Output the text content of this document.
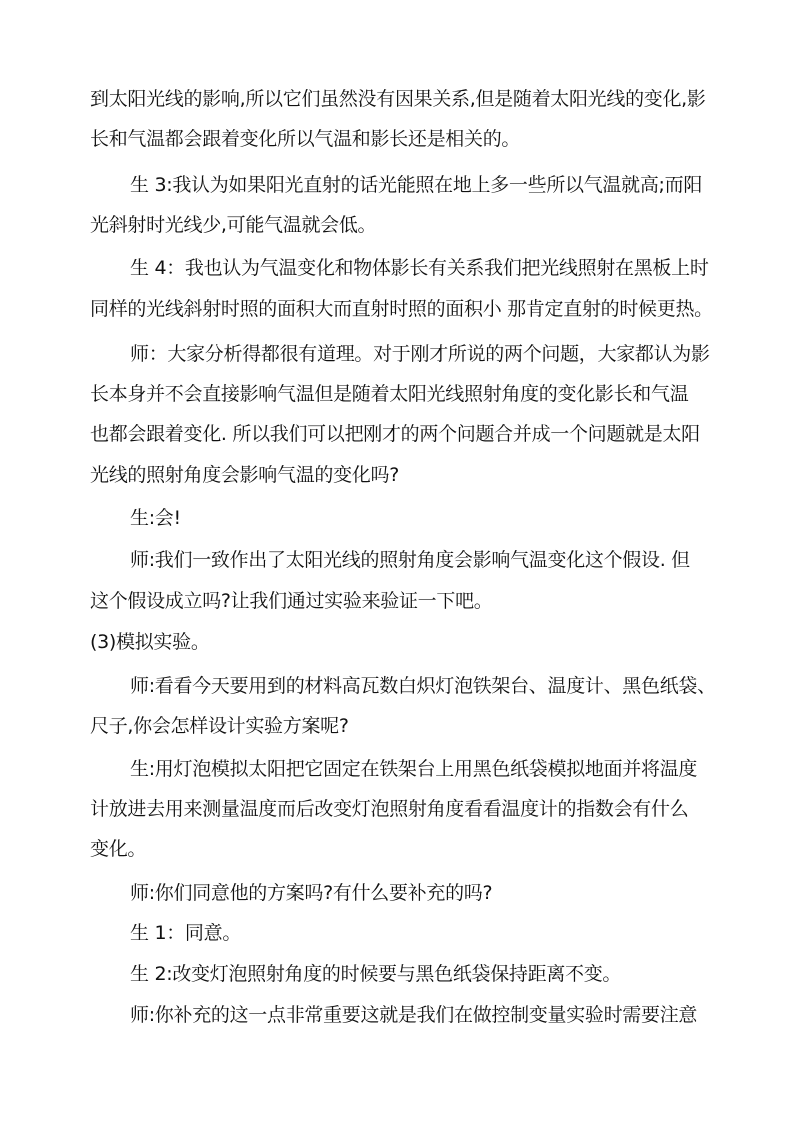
到太阳光线的影响,所以它们虽然没有因果关系,但是随着太阳光线的变化,影
长和气温都会跟着变化所以气温和影长还是相关的。
生 3:我认为如果阳光直射的话光能照在地上多一些所以气温就高;而阳
光斜射时光线少,可能气温就会低。
生 4：我也认为气温变化和物体影长有关系我们把光线照射在黑板上时
同样的光线斜射时照的面积大而直射时照的面积小 那肯定直射的时候更热。
师：大家分析得都很有道理。对于刚才所说的两个问题，大家都认为影
长本身并不会直接影响气温但是随着太阳光线照射角度的变化影长和气温
也都会跟着变化. 所以我们可以把刚才的两个问题合并成一个问题就是太阳
光线的照射角度会影响气温的变化吗?
生:会!
师:我们一致作出了太阳光线的照射角度会影响气温变化这个假设. 但
这个假设成立吗?让我们通过实验来验证一下吧。
(3)模拟实验。
师:看看今天要用到的材料高瓦数白炽灯泡铁架台、温度计、黑色纸袋、
尺子,你会怎样设计实验方案呢?
生:用灯泡模拟太阳把它固定在铁架台上用黑色纸袋模拟地面并将温度
计放进去用来测量温度而后改变灯泡照射角度看看温度计的指数会有什么
变化。
师:你们同意他的方案吗?有什么要补充的吗?
生 1：同意。
生 2:改变灯泡照射角度的时候要与黑色纸袋保持距离不变。
师:你补充的这一点非常重要这就是我们在做控制变量实验时需要注意
